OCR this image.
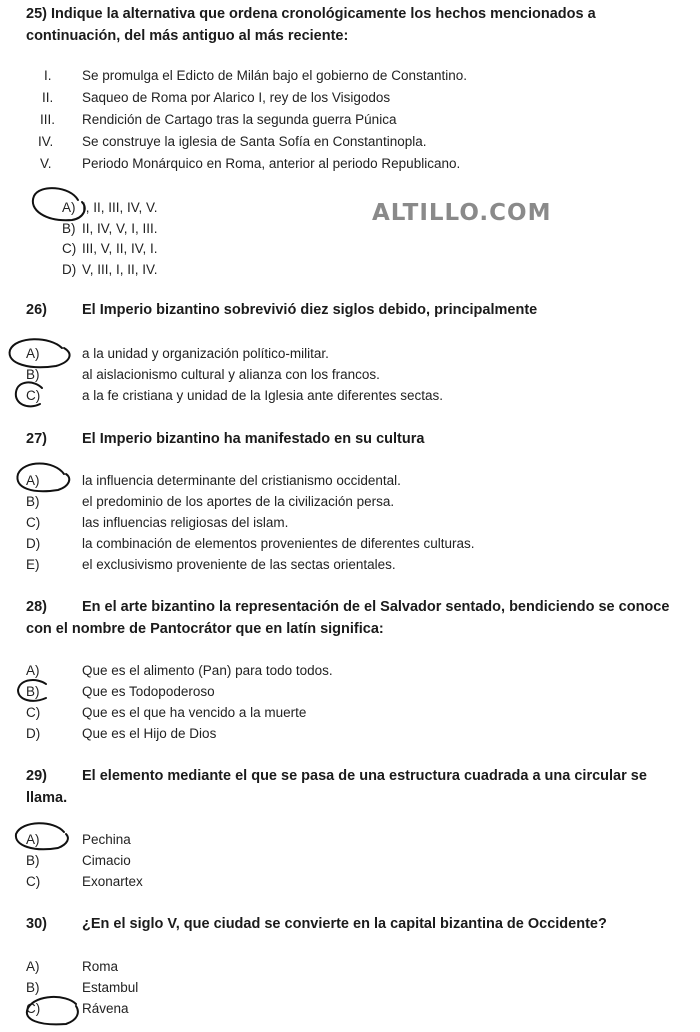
ALTILLO.COM
25) Indique la alternativa que ordena cronológicamente los hechos mencionados a
continuación, del más antiguo al más reciente:
I. Se promulga el Edicto de Milán bajo el gobierno de Constantino.
II. Saqueo de Roma por Alarico I, rey de los Visigodos
III. Rendición de Cartago tras la segunda guerra Púnica
IV. Se construye la iglesia de Santa Sofía en Constantinopla.
V. Periodo Monárquico en Roma, anterior al periodo Republicano.
A) I, II, III, IV, V.
B) II, IV, V, I, III.
C) III, V, II, IV, I.
D) V, III, I, II, IV.
26) El Imperio bizantino sobrevivió diez siglos debido, principalmente
A)	a la unidad y organización político-militar.
B)	al aislacionismo cultural y alianza con los francos.
C)	a la fe cristiana y unidad de la Iglesia ante diferentes sectas.
27) El Imperio bizantino ha manifestado en su cultura
A)	la influencia determinante del cristianismo occidental.
B)	el predominio de los aportes de la civilización persa.
C)	las influencias religiosas del islam.
D)	la combinación de elementos provenientes de diferentes culturas.
E)	el exclusivismo proveniente de las sectas orientales.
28) En el arte bizantino la representación de el Salvador sentado, bendiciendo se conoce
con el nombre de Pantocrátor que en latín significa:
A)	Que es el alimento (Pan) para todo todos.
B)	Que es Todopoderoso
C)	Que es el que ha vencido a la muerte
D)	Que es el Hijo de Dios
29) El elemento mediante el que se pasa de una estructura cuadrada a una circular se
llama.
A)	Pechina
B)	Cimacio
C)	Exonartex
30) ¿En el siglo V, que ciudad se convierte en la capital bizantina de Occidente?
A)	Roma
B)	Estambul
C)	Rávena
